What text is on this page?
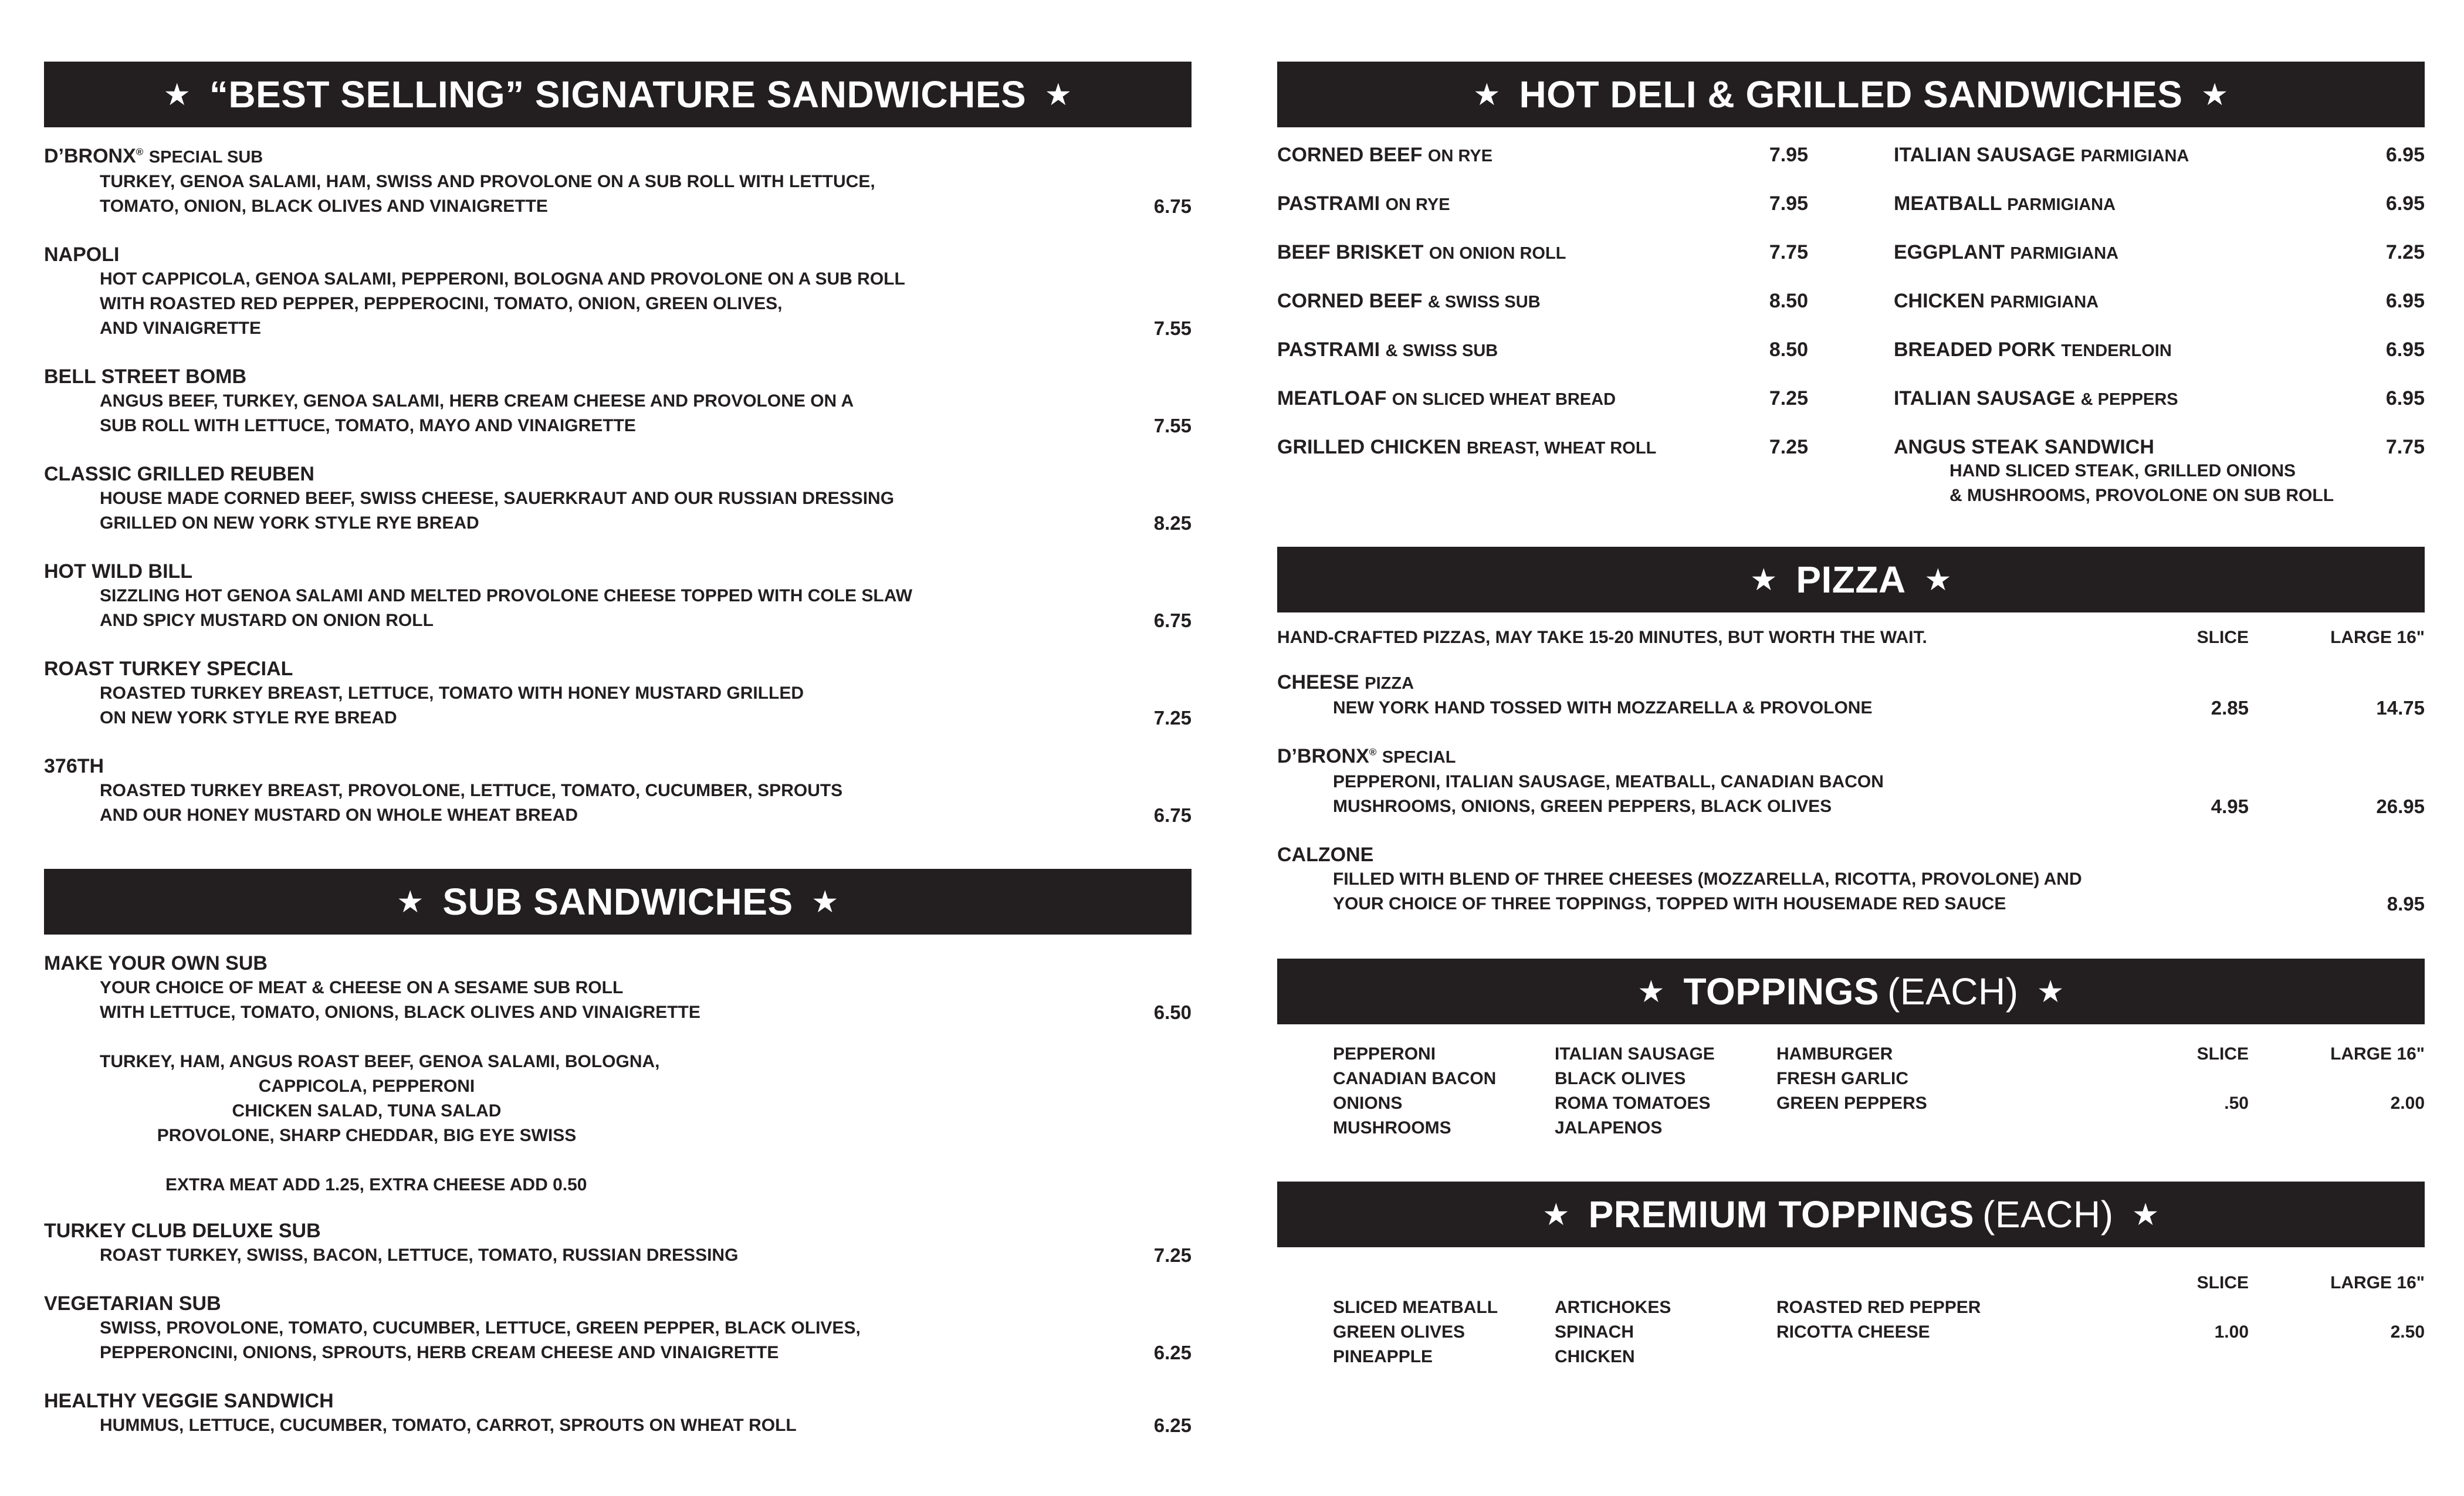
★ “BEST SELLING” SIGNATURE SANDWICHES ★
D’BRONX® SPECIAL SUB
TURKEY, GENOA SALAMI, HAM, SWISS AND PROVOLONE ON A SUB ROLL WITH LETTUCE,
TOMATO, ONION, BLACK OLIVES AND VINAIGRETTE	6.75
NAPOLI
HOT CAPPICOLA, GENOA SALAMI, PEPPERONI, BOLOGNA AND PROVOLONE ON A SUB ROLL
WITH ROASTED RED PEPPER, PEPPEROCINI, TOMATO, ONION, GREEN OLIVES,
AND VINAIGRETTE	7.55
BELL STREET BOMB
ANGUS BEEF, TURKEY, GENOA SALAMI, HERB CREAM CHEESE AND PROVOLONE ON A
SUB ROLL WITH LETTUCE, TOMATO, MAYO AND VINAIGRETTE	7.55
CLASSIC GRILLED REUBEN
HOUSE MADE CORNED BEEF, SWISS CHEESE, SAUERKRAUT AND OUR RUSSIAN DRESSING
GRILLED ON NEW YORK STYLE RYE BREAD	8.25
HOT WILD BILL
SIZZLING HOT GENOA SALAMI AND MELTED PROVOLONE CHEESE TOPPED WITH COLE SLAW
AND SPICY MUSTARD ON ONION ROLL	6.75
ROAST TURKEY SPECIAL
ROASTED TURKEY BREAST, LETTUCE, TOMATO WITH HONEY MUSTARD GRILLED
ON NEW YORK STYLE RYE BREAD	7.25
376TH
ROASTED TURKEY BREAST, PROVOLONE, LETTUCE, TOMATO, CUCUMBER, SPROUTS
AND OUR HONEY MUSTARD ON WHOLE WHEAT BREAD	6.75
★ SUB SANDWICHES ★
MAKE YOUR OWN SUB
YOUR CHOICE OF MEAT & CHEESE ON A SESAME SUB ROLL
WITH LETTUCE, TOMATO, ONIONS, BLACK OLIVES AND VINAIGRETTE	6.50
TURKEY, HAM, ANGUS ROAST BEEF, GENOA SALAMI, BOLOGNA,
CAPPICOLA, PEPPERONI
CHICKEN SALAD, TUNA SALAD
PROVOLONE, SHARP CHEDDAR, BIG EYE SWISS
EXTRA MEAT ADD 1.25, EXTRA CHEESE ADD 0.50
TURKEY CLUB DELUXE SUB
ROAST TURKEY, SWISS, BACON, LETTUCE, TOMATO, RUSSIAN DRESSING	7.25
VEGETARIAN SUB
SWISS, PROVOLONE, TOMATO, CUCUMBER, LETTUCE, GREEN PEPPER, BLACK OLIVES,
PEPPERONCINI, ONIONS, SPROUTS, HERB CREAM CHEESE AND VINAIGRETTE	6.25
HEALTHY VEGGIE SANDWICH
HUMMUS, LETTUCE, CUCUMBER, TOMATO, CARROT, SPROUTS ON WHEAT ROLL	6.25
★ HOT DELI & GRILLED SANDWICHES ★
CORNED BEEF ON RYE	7.95
PASTRAMI ON RYE	7.95
BEEF BRISKET ON ONION ROLL	7.75
CORNED BEEF & SWISS SUB	8.50
PASTRAMI & SWISS SUB	8.50
MEATLOAF ON SLICED WHEAT BREAD	7.25
GRILLED CHICKEN BREAST, WHEAT ROLL	7.25
ITALIAN SAUSAGE PARMIGIANA	6.95
MEATBALL PARMIGIANA	6.95
EGGPLANT PARMIGIANA	7.25
CHICKEN PARMIGIANA	6.95
BREADED PORK TENDERLOIN	6.95
ITALIAN SAUSAGE & PEPPERS	6.95
ANGUS STEAK SANDWICH	7.75
HAND SLICED STEAK, GRILLED ONIONS
& MUSHROOMS, PROVOLONE ON SUB ROLL
★ PIZZA ★
HAND-CRAFTED PIZZAS, MAY TAKE 15-20 MINUTES, BUT WORTH THE WAIT.	SLICE	LARGE 16"
CHEESE PIZZA
NEW YORK HAND TOSSED WITH MOZZARELLA & PROVOLONE	2.85	14.75
D’BRONX® SPECIAL
PEPPERONI, ITALIAN SAUSAGE, MEATBALL, CANADIAN BACON
MUSHROOMS, ONIONS, GREEN PEPPERS, BLACK OLIVES	4.95	26.95
CALZONE
FILLED WITH BLEND OF THREE CHEESES (MOZZARELLA, RICOTTA, PROVOLONE) AND
YOUR CHOICE OF THREE TOPPINGS, TOPPED WITH HOUSEMADE RED SAUCE	8.95
★ TOPPINGS (EACH) ★
PEPPERONI
CANADIAN BACON
ONIONS
MUSHROOMS
ITALIAN SAUSAGE
BLACK OLIVES
ROMA TOMATOES
JALAPENOS
HAMBURGER
FRESH GARLIC
GREEN PEPPERS
SLICE
.50
LARGE 16"
2.00
★ PREMIUM TOPPINGS (EACH) ★
SLICED MEATBALL
GREEN OLIVES
PINEAPPLE
ARTICHOKES
SPINACH
CHICKEN
ROASTED RED PEPPER
RICOTTA CHEESE
SLICE
1.00
LARGE 16"
2.50
